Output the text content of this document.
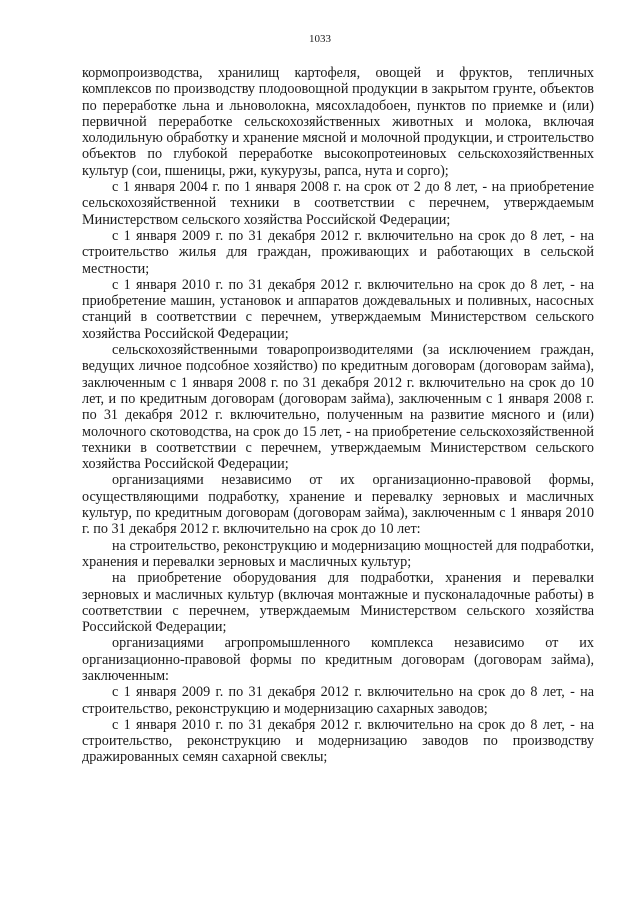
1033

кормопроизводства, хранилищ картофеля, овощей и фруктов, тепличных комплексов по производству плодоовощной продукции в закрытом грунте, объектов по переработке льна и льноволокна, мясохладобоен, пунктов по приемке и (или) первичной переработке сельскохозяйственных животных и молока, включая холодильную обработку и хранение мясной и молочной продукции, и строительство объектов по глубокой переработке высокопротеиновых сельскохозяйственных культур (сои, пшеницы, ржи, кукурузы, рапса, нута и сорго);

с 1 января 2004 г. по 1 января 2008 г. на срок от 2 до 8 лет, - на приобретение сельскохозяйственной техники в соответствии с перечнем, утверждаемым Министерством сельского хозяйства Российской Федерации;

с 1 января 2009 г. по 31 декабря 2012 г. включительно на срок до 8 лет, - на строительство жилья для граждан, проживающих и работающих в сельской местности;

с 1 января 2010 г. по 31 декабря 2012 г. включительно на срок до 8 лет, - на приобретение машин, установок и аппаратов дождевальных и поливных, насосных станций в соответствии с перечнем, утверждаемым Министерством сельского хозяйства Российской Федерации;

сельскохозяйственными товаропроизводителями (за исключением граждан, ведущих личное подсобное хозяйство) по кредитным договорам (договорам займа), заключенным с 1 января 2008 г. по 31 декабря 2012 г. включительно на срок до 10 лет, и по кредитным договорам (договорам займа), заключенным с 1 января 2008 г. по 31 декабря 2012 г. включительно, полученным на развитие мясного и (или) молочного скотоводства, на срок до 15 лет, - на приобретение сельскохозяйственной техники в соответствии с перечнем, утверждаемым Министерством сельского хозяйства Российской Федерации;

организациями независимо от их организационно-правовой формы, осуществляющими подработку, хранение и перевалку зерновых и масличных культур, по кредитным договорам (договорам займа), заключенным с 1 января 2010 г. по 31 декабря 2012 г. включительно на срок до 10 лет:

на строительство, реконструкцию и модернизацию мощностей для подработки, хранения и перевалки зерновых и масличных культур;

на приобретение оборудования для подработки, хранения и перевалки зерновых и масличных культур (включая монтажные и пусконаладочные работы) в соответствии с перечнем, утверждаемым Министерством сельского хозяйства Российской Федерации;

организациями агропромышленного комплекса независимо от их организационно-правовой формы по кредитным договорам (договорам займа), заключенным:

с 1 января 2009 г. по 31 декабря 2012 г. включительно на срок до 8 лет, - на строительство, реконструкцию и модернизацию сахарных заводов;

с 1 января 2010 г. по 31 декабря 2012 г. включительно на срок до 8 лет, - на строительство, реконструкцию и модернизацию заводов по производству дражированных семян сахарной свеклы;
